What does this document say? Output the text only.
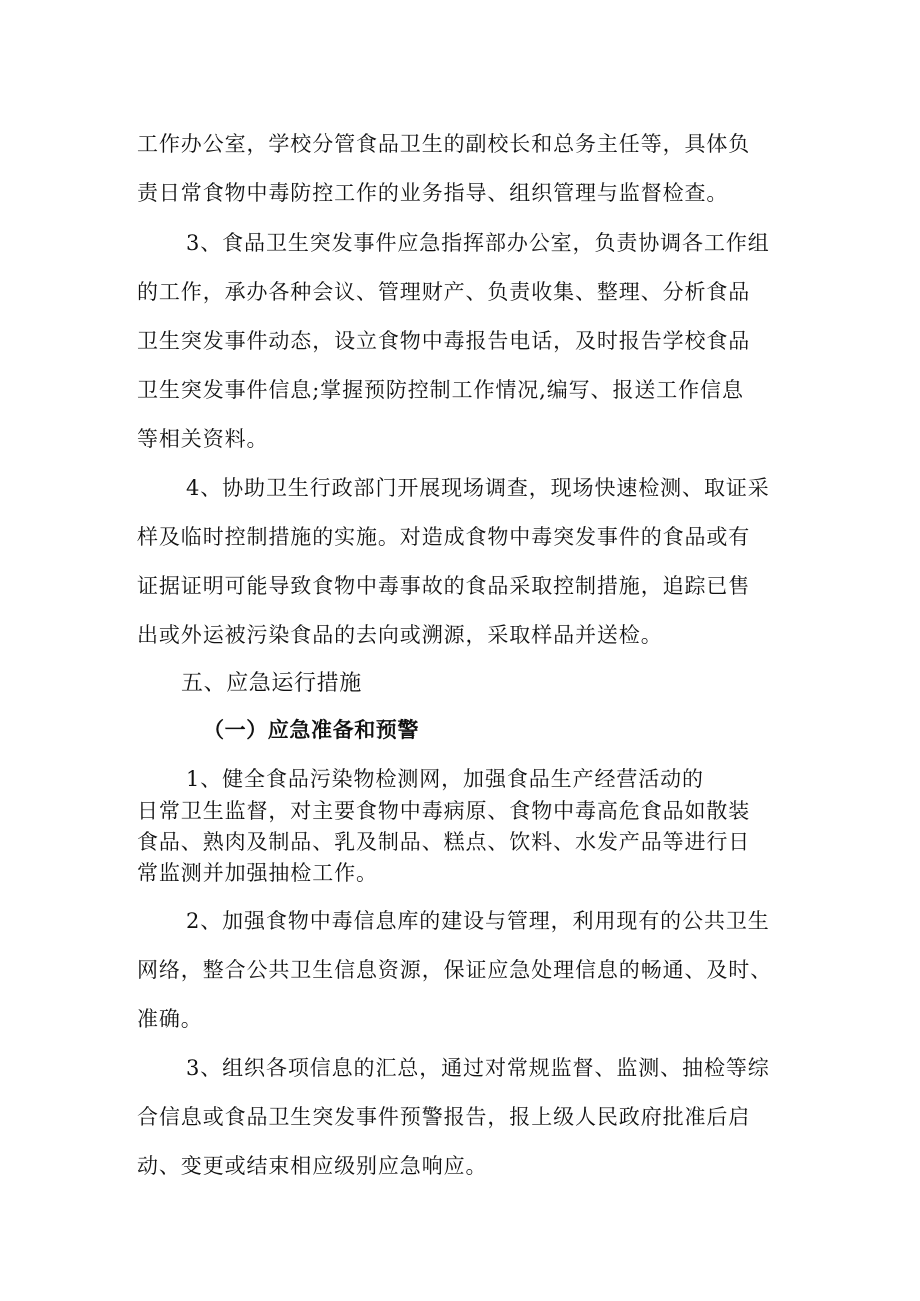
工作办公室，学校分管食品卫生的副校长和总务主任等，具体负
责日常食物中毒防控工作的业务指导、组织管理与监督检查。
3、食品卫生突发事件应急指挥部办公室，负责协调各工作组
的工作，承办各种会议、管理财产、负责收集、整理、分析食品
卫生突发事件动态，设立食物中毒报告电话，及时报告学校食品
卫生突发事件信息;掌握预防控制工作情况,编写、报送工作信息
等相关资料。
4、协助卫生行政部门开展现场调查，现场快速检测、取证采
样及临时控制措施的实施。对造成食物中毒突发事件的食品或有
证据证明可能导致食物中毒事故的食品采取控制措施，追踪已售
出或外运被污染食品的去向或溯源，采取样品并送检。
五、应急运行措施
（一）应急准备和预警
1、健全食品污染物检测网，加强食品生产经营活动的
日常卫生监督，对主要食物中毒病原、食物中毒高危食品如散装
食品、熟肉及制品、乳及制品、糕点、饮料、水发产品等进行日
常监测并加强抽检工作。
2、加强食物中毒信息库的建设与管理，利用现有的公共卫生
网络，整合公共卫生信息资源，保证应急处理信息的畅通、及时、
准确。
3、组织各项信息的汇总，通过对常规监督、监测、抽检等综
合信息或食品卫生突发事件预警报告，报上级人民政府批准后启
动、变更或结束相应级别应急响应。
